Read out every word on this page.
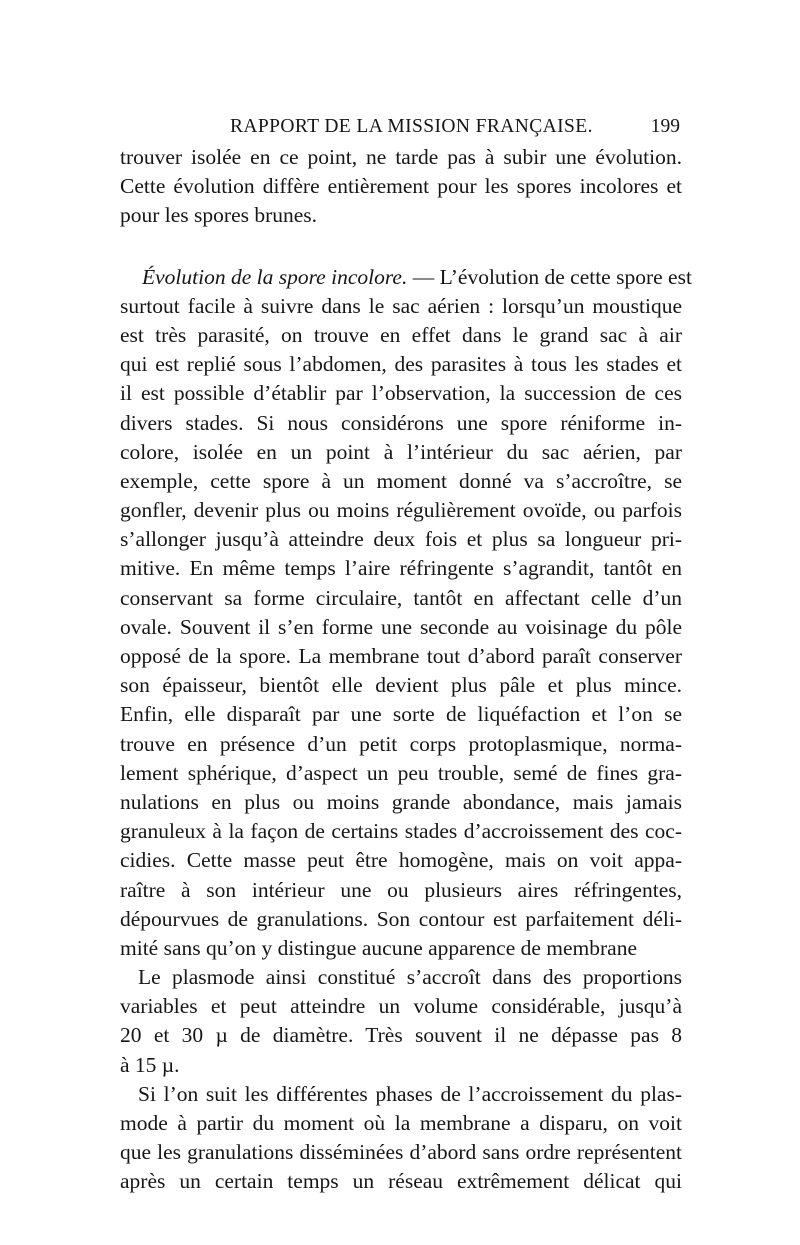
RAPPORT DE LA MISSION FRANÇAISE.	199
trouver isolée en ce point, ne tarde pas à subir une évolution.
Cette évolution diffère entièrement pour les spores incolores et
pour les spores brunes.
Évolution de la spore incolore. — L’évolution de cette spore est
surtout facile à suivre dans le sac aérien : lorsqu’un moustique
est très parasité, on trouve en effet dans le grand sac à air
qui est replié sous l’abdomen, des parasites à tous les stades et
il est possible d’établir par l’observation, la succession de ces
divers stades. Si nous considérons une spore réniforme in-
colore, isolée en un point à l’intérieur du sac aérien, par
exemple, cette spore à un moment donné va s’accroître, se
gonfler, devenir plus ou moins régulièrement ovoïde, ou parfois
s’allonger jusqu’à atteindre deux fois et plus sa longueur pri-
mitive. En même temps l’aire réfringente s’agrandit, tantôt en
conservant sa forme circulaire, tantôt en affectant celle d’un
ovale. Souvent il s’en forme une seconde au voisinage du pôle
opposé de la spore. La membrane tout d’abord paraît conserver
son épaisseur, bientôt elle devient plus pâle et plus mince.
Enfin, elle disparaît par une sorte de liquéfaction et l’on se
trouve en présence d’un petit corps protoplasmique, norma-
lement sphérique, d’aspect un peu trouble, semé de fines gra-
nulations en plus ou moins grande abondance, mais jamais
granuleux à la façon de certains stades d’accroissement des coc-
cidies. Cette masse peut être homogène, mais on voit appa-
raître à son intérieur une ou plusieurs aires réfringentes,
dépourvues de granulations. Son contour est parfaitement déli-
mité sans qu’on y distingue aucune apparence de membrane
Le plasmode ainsi constitué s’accroît dans des proportions
variables et peut atteindre un volume considérable, jusqu’à
20 et 30 µ de diamètre. Très souvent il ne dépasse pas 8
à 15 µ.
Si l’on suit les différentes phases de l’accroissement du plas-
mode à partir du moment où la membrane a disparu, on voit
que les granulations disséminées d’abord sans ordre représentent
après un certain temps un réseau extrêmement délicat qui
